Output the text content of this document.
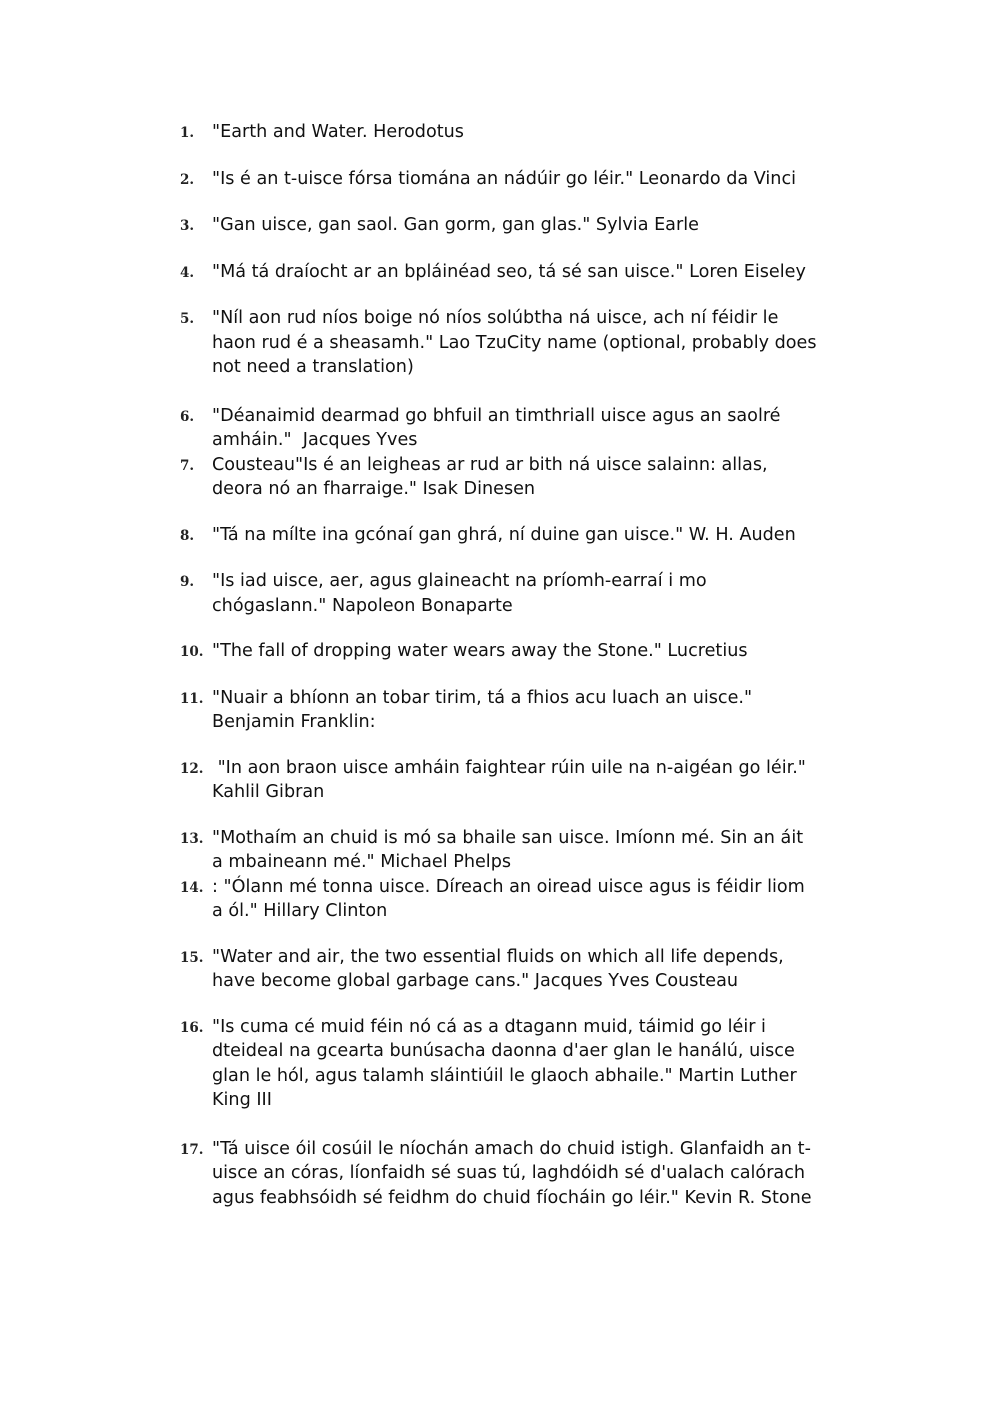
1.	"Earth and Water. Herodotus
2.	"Is é an t-uisce fórsa tiomána an nádúir go léir." Leonardo da Vinci
3.	"Gan uisce, gan saol. Gan gorm, gan glas." Sylvia Earle
4.	"Má tá draíocht ar an bpláinéad seo, tá sé san uisce." Loren Eiseley
5.	"Níl aon rud níos boige nó níos solúbtha ná uisce, ach ní féidir le
haon rud é a sheasamh." Lao TzuCity name (optional, probably does
not need a translation)
6.	"Déanaimid dearmad go bhfuil an timthriall uisce agus an saolré
amháin."  Jacques Yves
7.	Cousteau"Is é an leigheas ar rud ar bith ná uisce salainn: allas,
deora nó an fharraige." Isak Dinesen
8.	"Tá na mílte ina gcónaí gan ghrá, ní duine gan uisce." W. H. Auden
9.	"Is iad uisce, aer, agus glaineacht na príomh-earraí i mo
chógaslann." Napoleon Bonaparte
10. "The fall of dropping water wears away the Stone." Lucretius
11. "Nuair a bhíonn an tobar tirim, tá a fhios acu luach an uisce."
Benjamin Franklin:
12. "In aon braon uisce amháin faightear rúin uile na n-aigéan go léir."
Kahlil Gibran
13. "Mothaím an chuid is mó sa bhaile san uisce. Imíonn mé. Sin an áit
a mbaineann mé." Michael Phelps
14. : "Ólann mé tonna uisce. Díreach an oiread uisce agus is féidir liom
a ól." Hillary Clinton
15. "Water and air, the two essential fluids on which all life depends,
have become global garbage cans." Jacques Yves Cousteau
16. "Is cuma cé muid féin nó cá as a dtagann muid, táimid go léir i
dteideal na gcearta bunúsacha daonna d'aer glan le hanálú, uisce
glan le hól, agus talamh sláintiúil le glaoch abhaile." Martin Luther
King III
17. "Tá uisce óil cosúil le níochán amach do chuid istigh. Glanfaidh an t-
uisce an córas, líonfaidh sé suas tú, laghdóidh sé d'ualach calórach
agus feabhsóidh sé feidhm do chuid fíocháin go léir." Kevin R. Stone
